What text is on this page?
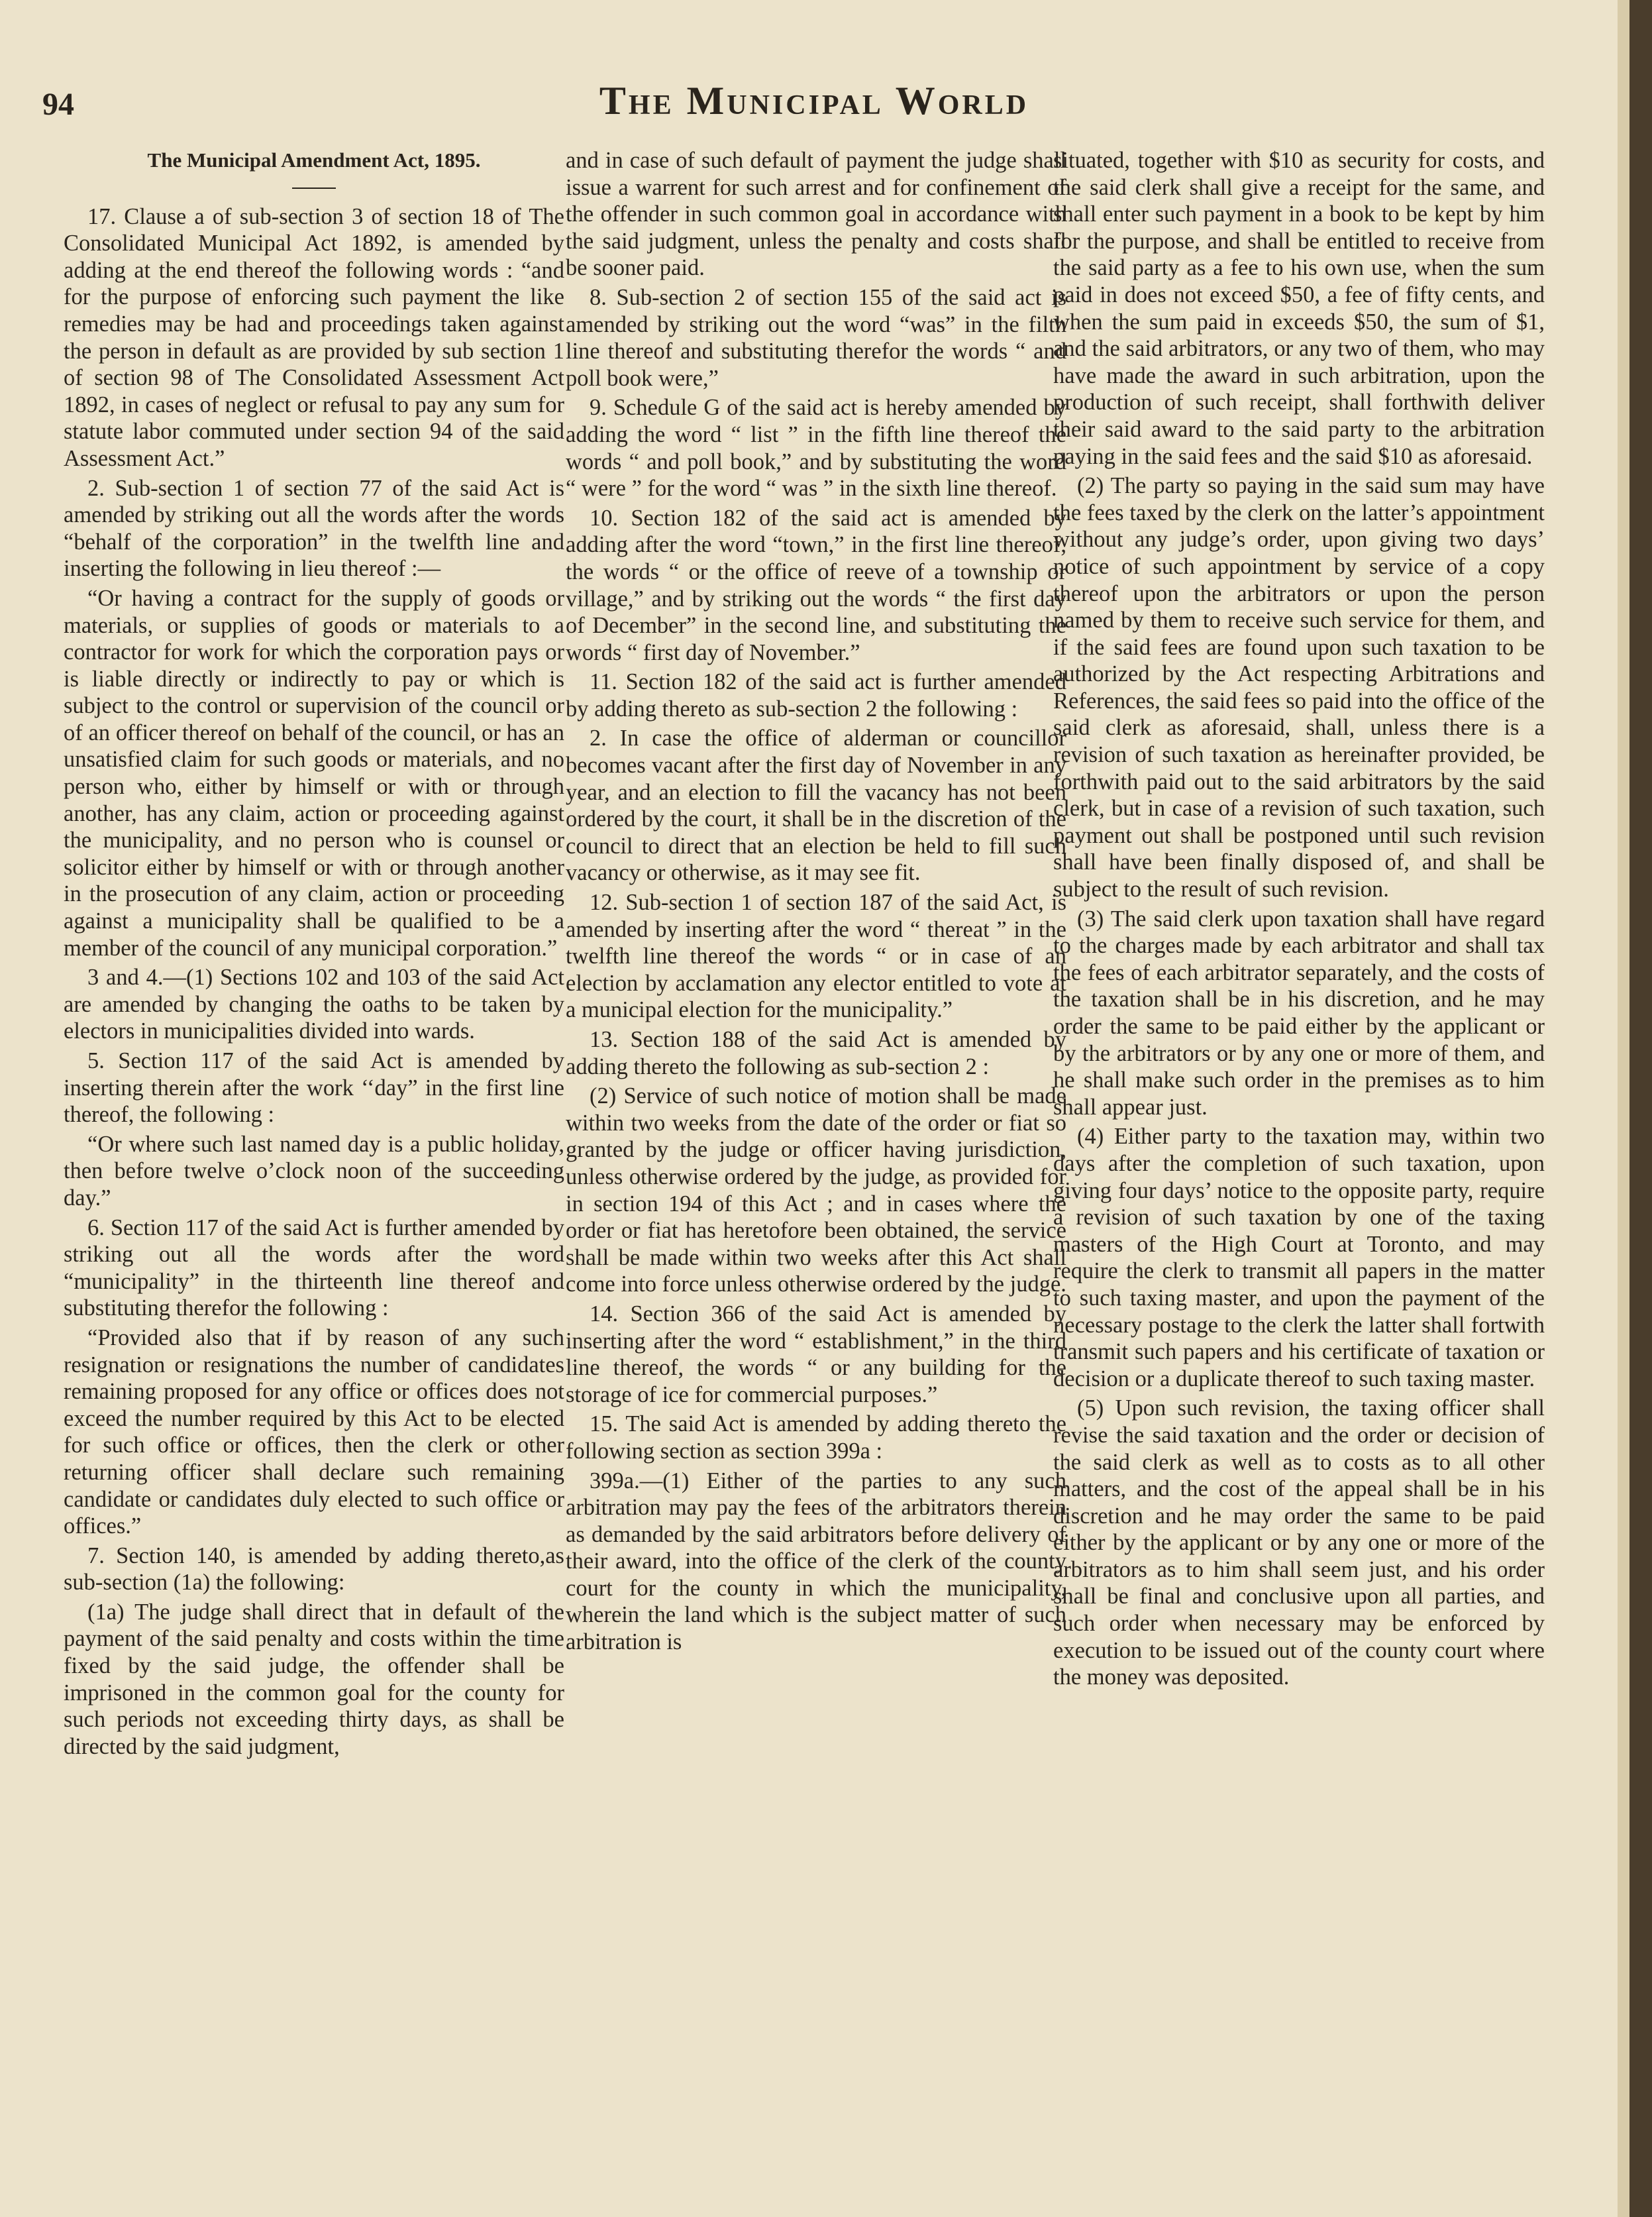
94	The Municipal World

The Municipal Amendment Act, 1895.

17. Clause a of sub-section 3 of section 18 of The Consolidated Municipal Act 1892, is amended by adding at the end thereof the following words : “and for the purpose of enforcing such payment the like remedies may be had and proceedings taken against the person in default as are provided by sub section 1 of section 98 of The Consolidated Assessment Act 1892, in cases of neglect or refusal to pay any sum for statute labor commuted under section 94 of the said Assessment Act.”

2. Sub-section 1 of section 77 of the said Act is amended by striking out all the words after the words “behalf of the corporation” in the twelfth line and inserting the following in lieu thereof :—

“Or having a contract for the supply of goods or materials, or supplies of goods or materials to a contractor for work for which the corporation pays or is liable directly or indirectly to pay or which is subject to the control or supervision of the council or of an officer thereof on behalf of the council, or has an unsatisfied claim for such goods or materials, and no person who, either by himself or with or through another, has any claim, action or proceeding against the municipality, and no person who is counsel or solicitor either by himself or with or through another in the prosecution of any claim, action or proceeding against a municipality shall be qualified to be a member of the council of any municipal corporation.”

3 and 4.—(1) Sections 102 and 103 of the said Act are amended by changing the oaths to be taken by electors in municipalities divided into wards.

5. Section 117 of the said Act is amended by inserting therein after the work ‘‘day” in the first line thereof, the following :

“Or where such last named day is a public holiday, then before twelve o’clock noon of the succeeding day.”

6. Section 117 of the said Act is further amended by striking out all the words after the word “municipality” in the thirteenth line thereof and substituting therefor the following :

“Provided also that if by reason of any such resignation or resignations the number of candidates remaining proposed for any office or offices does not exceed the number required by this Act to be elected for such office or offices, then the clerk or other returning officer shall declare such remaining candidate or candidates duly elected to such office or offices.”

7. Section 140, is amended by adding thereto,as sub-section (1a) the following:

(1a) The judge shall direct that in default of the payment of the said penalty and costs within the time fixed by the said judge, the offender shall be imprisoned in the common goal for the county for such periods not exceeding thirty days, as shall be directed by the said judgment,

and in case of such default of payment the judge shall issue a warrent for such arrest and for confinement of the offender in such common goal in accordance with the said judgment, unless the penalty and costs shall be sooner paid.

8. Sub-section 2 of section 155 of the said act is amended by striking out the word “was” in the filth line thereof and substituting therefor the words “ and poll book were,”

9. Schedule G of the said act is hereby amended by adding the word “ list ” in the fifth line thereof the words “ and poll book,” and by substituting the word “ were ” for the word “ was ” in the sixth line thereof.

10. Section 182 of the said act is amended by adding after the word “town,” in the first line thereof, the words “ or the office of reeve of a township or village,” and by striking out the words “ the first day of December” in the second line, and substituting the words “ first day of November.”

11. Section 182 of the said act is further amended by adding thereto as sub-section 2 the following :

2. In case the office of alderman or councillor becomes vacant after the first day of November in any year, and an election to fill the vacancy has not been ordered by the court, it shall be in the discretion of the council to direct that an election be held to fill such vacancy or otherwise, as it may see fit.

12. Sub-section 1 of section 187 of the said Act, is amended by inserting after the word “ thereat ” in the twelfth line thereof the words “ or in case of an election by acclamation any elector entitled to vote at a municipal election for the municipality.”

13. Section 188 of the said Act is amended by adding thereto the following as sub-section 2 :

(2) Service of such notice of motion shall be made within two weeks from the date of the order or fiat so granted by the judge or officer having jurisdiction, unless otherwise ordered by the judge, as provided for in section 194 of this Act ; and in cases where the order or fiat has heretofore been obtained, the service shall be made within two weeks after this Act shall come into force unless otherwise ordered by the judge.

14. Section 366 of the said Act is amended by inserting after the word “ establishment,” in the third line thereof, the words “ or any building for the storage of ice for commercial purposes.”

15. The said Act is amended by adding thereto the following section as section 399a :

399a.—(1) Either of the parties to any such arbitration may pay the fees of the arbitrators therein as demanded by the said arbitrators before delivery of their award, into the office of the clerk of the county court for the county in which the municipality, wherein the land which is the subject matter of such arbitration is

situated, together with $10 as security for costs, and the said clerk shall give a receipt for the same, and shall enter such payment in a book to be kept by him for the purpose, and shall be entitled to receive from the said party as a fee to his own use, when the sum paid in does not exceed $50, a fee of fifty cents, and when the sum paid in exceeds $50, the sum of $1, and the said arbitrators, or any two of them, who may have made the award in such arbitration, upon the production of such receipt, shall forthwith deliver their said award to the said party to the arbitration paying in the said fees and the said $10 as aforesaid.

(2) The party so paying in the said sum may have the fees taxed by the clerk on the latter’s appointment without any judge’s order, upon giving two days’ notice of such appointment by service of a copy thereof upon the arbitrators or upon the person named by them to receive such service for them, and if the said fees are found upon such taxation to be authorized by the Act respecting Arbitrations and References, the said fees so paid into the office of the said clerk as aforesaid, shall, unless there is a revision of such taxation as hereinafter provided, be forthwith paid out to the said arbitrators by the said clerk, but in case of a revision of such taxation, such payment out shall be postponed until such revision shall have been finally disposed of, and shall be subject to the result of such revision.

(3) The said clerk upon taxation shall have regard to the charges made by each arbitrator and shall tax the fees of each arbitrator separately, and the costs of the taxation shall be in his discretion, and he may order the same to be paid either by the applicant or by the arbitrators or by any one or more of them, and he shall make such order in the premises as to him shall appear just.

(4) Either party to the taxation may, within two days after the completion of such taxation, upon giving four days’ notice to the opposite party, require a revision of such taxation by one of the taxing masters of the High Court at Toronto, and may require the clerk to transmit all papers in the matter to such taxing master, and upon the payment of the necessary postage to the clerk the latter shall fortwith transmit such papers and his certificate of taxation or decision or a duplicate thereof to such taxing master.

(5) Upon such revision, the taxing officer shall revise the said taxation and the order or decision of the said clerk as well as to costs as to all other matters, and the cost of the appeal shall be in his discretion and he may order the same to be paid either by the applicant or by any one or more of the arbitrators as to him shall seem just, and his order shall be final and conclusive upon all parties, and such order when necessary may be enforced by execution to be issued out of the county court where the money was deposited.
